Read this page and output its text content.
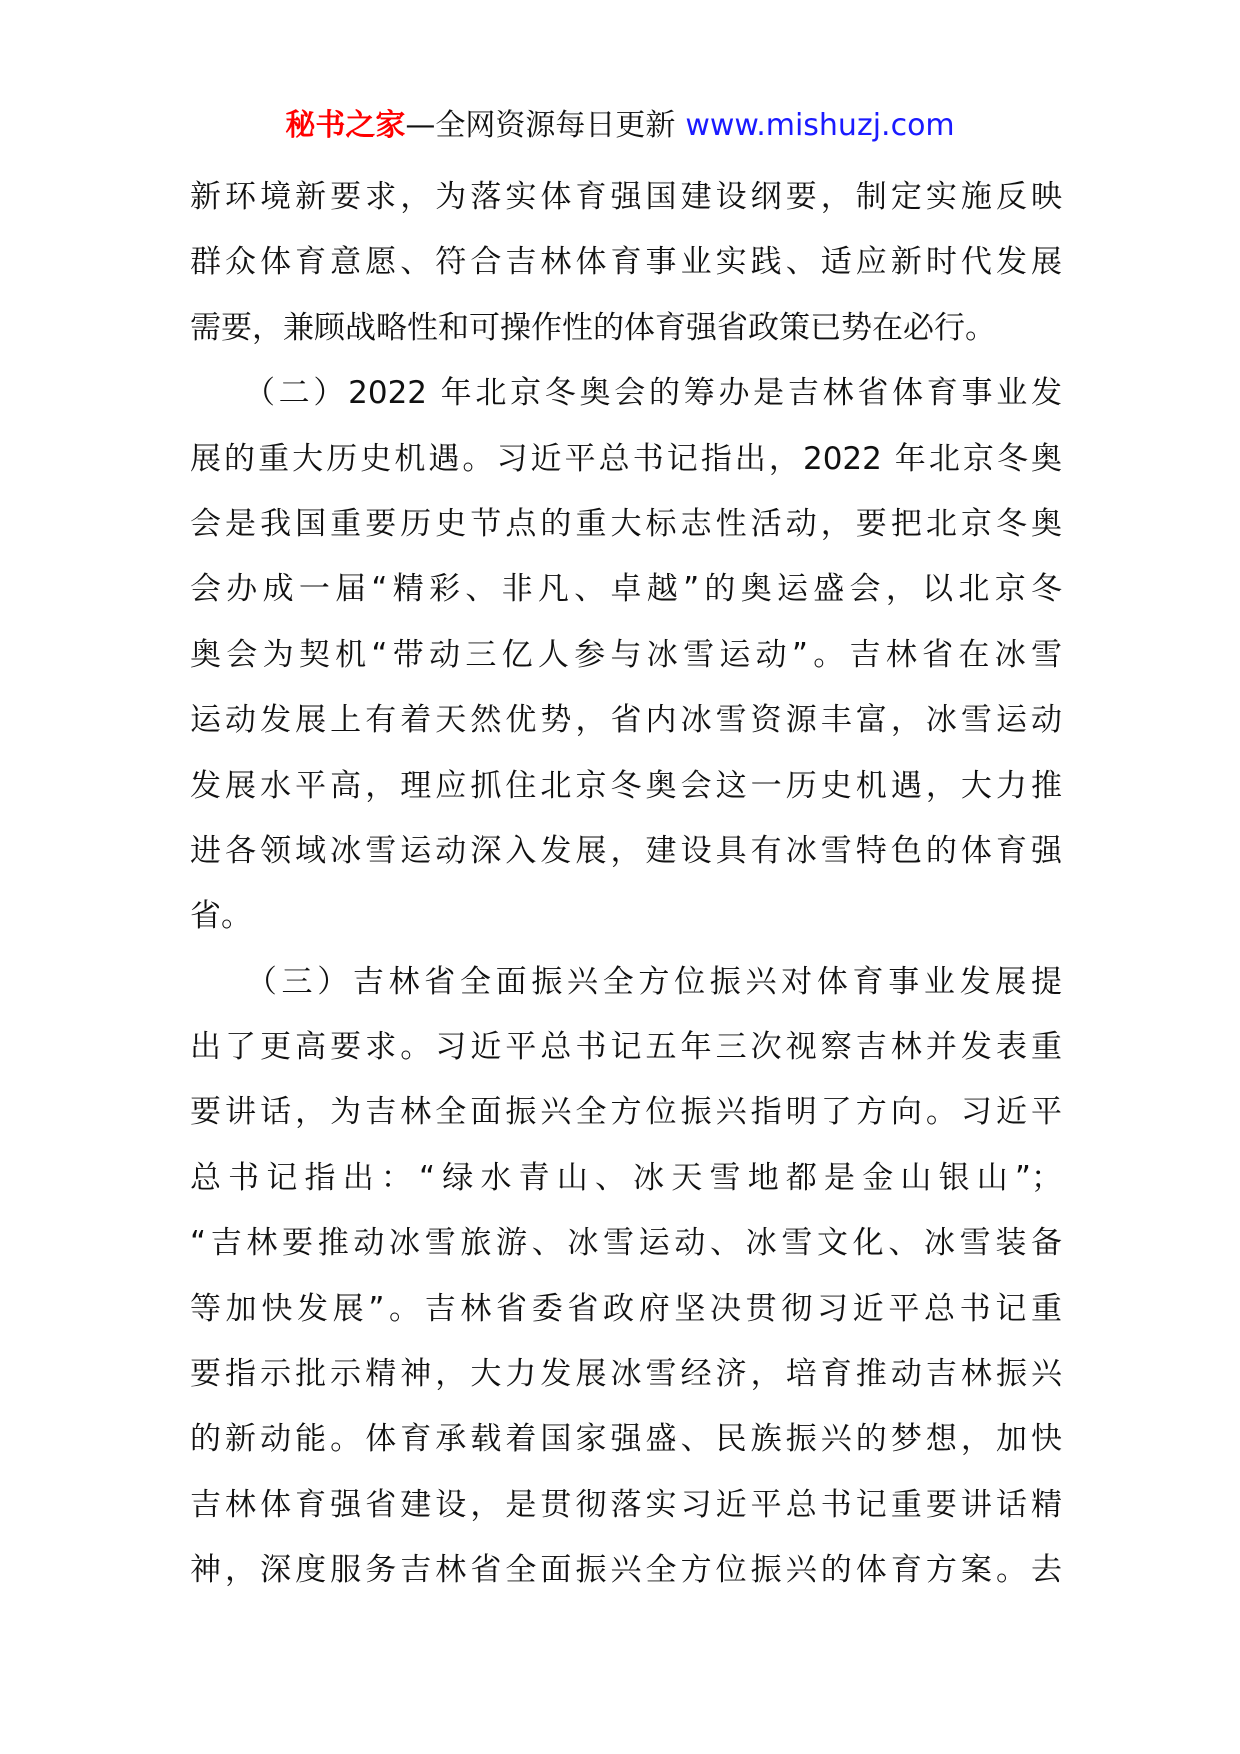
秘书之家—全网资源每日更新 www.mishuzj.com
新环境新要求，为落实体育强国建设纲要，制定实施反映
群众体育意愿、符合吉林体育事业实践、适应新时代发展
需要，兼顾战略性和可操作性的体育强省政策已势在必行。
　　（二）2022 年北京冬奥会的筹办是吉林省体育事业发
展的重大历史机遇。习近平总书记指出，2022 年北京冬奥
会是我国重要历史节点的重大标志性活动，要把北京冬奥
会办成一届“精彩、非凡、卓越”的奥运盛会，以北京冬
奥会为契机“带动三亿人参与冰雪运动”。吉林省在冰雪
运动发展上有着天然优势，省内冰雪资源丰富，冰雪运动
发展水平高，理应抓住北京冬奥会这一历史机遇，大力推
进各领域冰雪运动深入发展，建设具有冰雪特色的体育强
省。
　　（三）吉林省全面振兴全方位振兴对体育事业发展提
出了更高要求。习近平总书记五年三次视察吉林并发表重
要讲话，为吉林全面振兴全方位振兴指明了方向。习近平
总书记指出：“绿水青山、冰天雪地都是金山银山”；
“吉林要推动冰雪旅游、冰雪运动、冰雪文化、冰雪装备
等加快发展”。吉林省委省政府坚决贯彻习近平总书记重
要指示批示精神，大力发展冰雪经济，培育推动吉林振兴
的新动能。体育承载着国家强盛、民族振兴的梦想，加快
吉林体育强省建设，是贯彻落实习近平总书记重要讲话精
神，深度服务吉林省全面振兴全方位振兴的体育方案。去
